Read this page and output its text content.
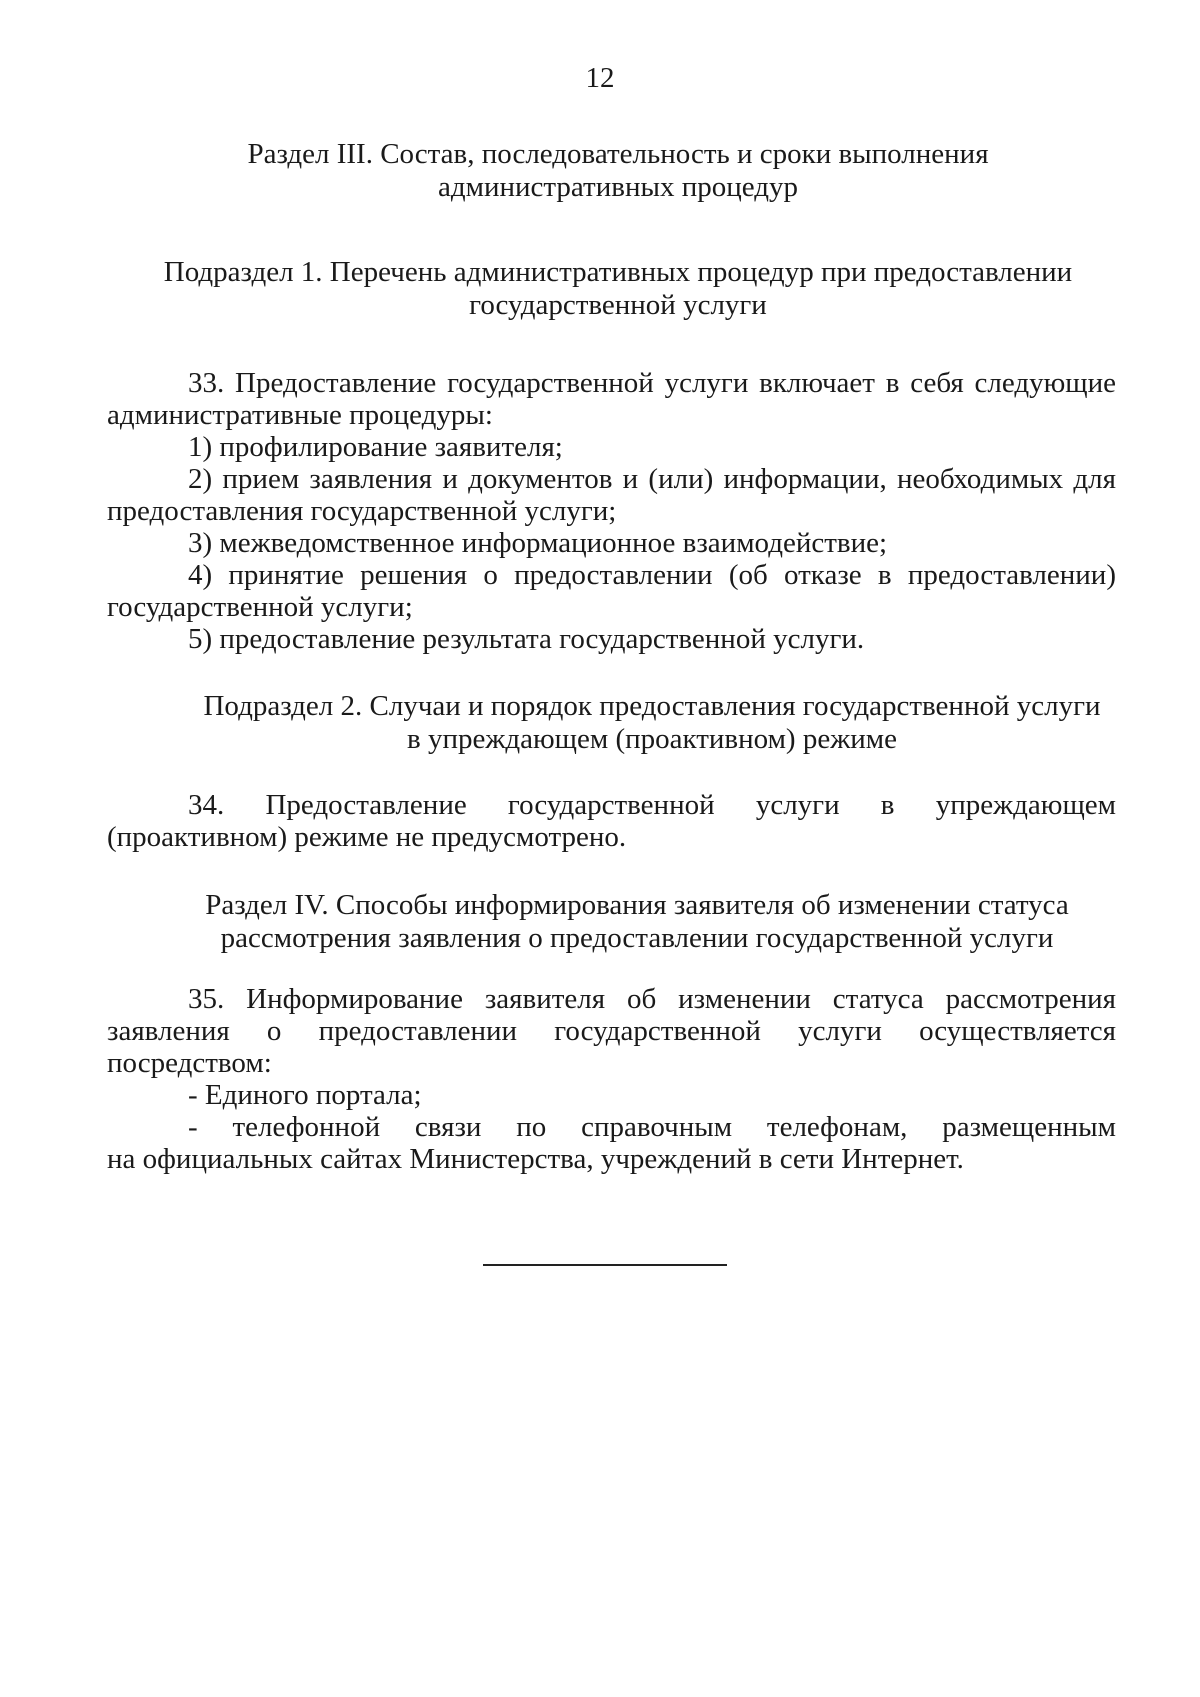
12
Раздел III. Состав, последовательность и сроки выполнения
административных процедур
Подраздел 1. Перечень административных процедур при предоставлении
государственной услуги
33. Предоставление государственной услуги включает в себя следующие
административные процедуры:
1) профилирование заявителя;
2) прием заявления и документов и (или) информации, необходимых для
предоставления государственной услуги;
3) межведомственное информационное взаимодействие;
4) принятие решения о предоставлении (об отказе в предоставлении)
государственной услуги;
5) предоставление результата государственной услуги.
Подраздел 2. Случаи и порядок предоставления государственной услуги
в упреждающем (проактивном) режиме
34. Предоставление государственной услуги в упреждающем
(проактивном) режиме не предусмотрено.
Раздел IV. Способы информирования заявителя об изменении статуса
рассмотрения заявления о предоставлении государственной услуги
35. Информирование заявителя об изменении статуса рассмотрения
заявления о предоставлении государственной услуги осуществляется
посредством:
- Единого портала;
- телефонной связи по справочным телефонам, размещенным
на официальных сайтах Министерства, учреждений в сети Интернет.
